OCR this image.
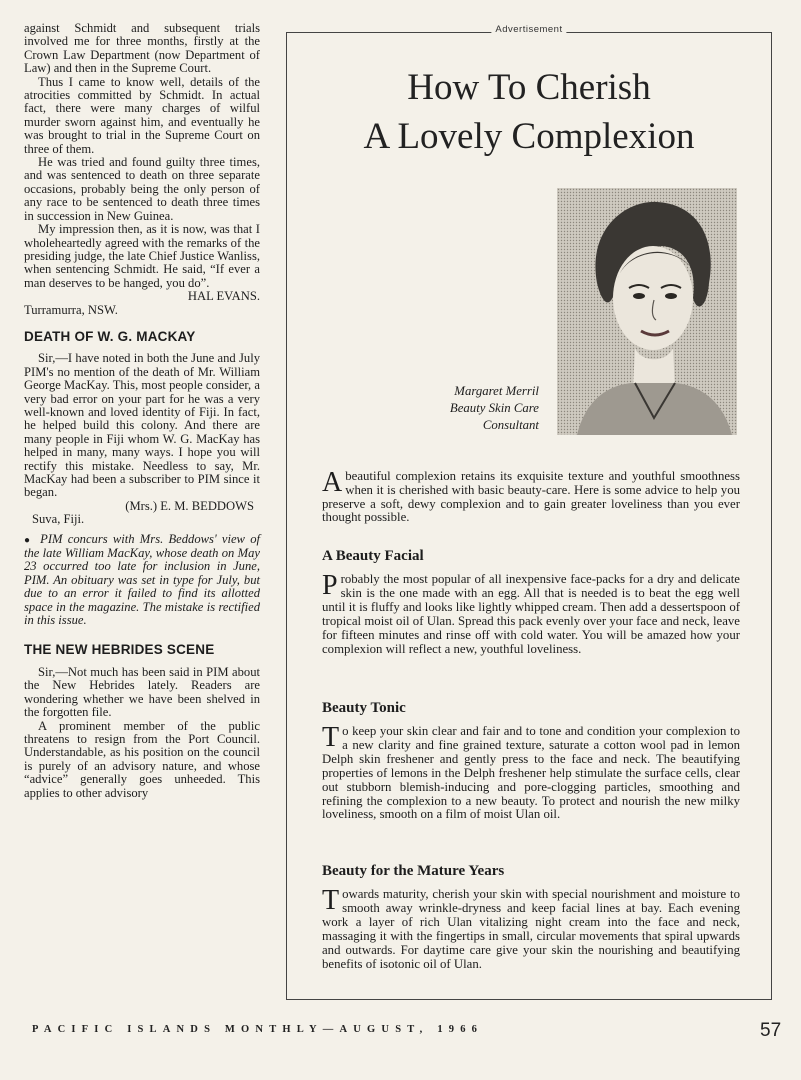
against Schmidt and subsequent trials involved me for three months, firstly at the Crown Law Department (now Department of Law) and then in the Supreme Court.

Thus I came to know well, details of the atrocities committed by Schmidt. In actual fact, there were many charges of wilful murder sworn against him, and eventually he was brought to trial in the Supreme Court on three of them.

He was tried and found guilty three times, and was sentenced to death on three separate occasions, probably being the only person of any race to be sentenced to death three times in succession in New Guinea.

My impression then, as it is now, was that I wholeheartedly agreed with the remarks of the presiding judge, the late Chief Justice Wanliss, when sentencing Schmidt. He said, “If ever a man deserves to be hanged, you do”.

HAL EVANS.

Turramurra, NSW.

DEATH OF W. G. MACKAY

Sir,—I have noted in both the June and July PIM's no mention of the death of Mr. William George MacKay. This, most people consider, a very bad error on your part for he was a very well-known and loved identity of Fiji. In fact, he helped build this colony. And there are many people in Fiji whom W. G. MacKay has helped in many, many ways. I hope you will rectify this mistake. Needless to say, Mr. MacKay had been a subscriber to PIM since it began.

(Mrs.) E. M. BEDDOWS

Suva, Fiji.

● PIM concurs with Mrs. Beddows' view of the late William MacKay, whose death on May 23 occurred too late for inclusion in June, PIM. An obituary was set in type for July, but due to an error it failed to find its allotted space in the magazine. The mistake is rectified in this issue.

THE NEW HEBRIDES SCENE

Sir,—Not much has been said in PIM about the New Hebrides lately. Readers are wondering whether we have been shelved in the forgotten file.

A prominent member of the public threatens to resign from the Port Council. Understandable, as his position on the council is purely of an advisory nature, and whose “advice” generally goes unheeded. This applies to other advisory

Advertisement
How To Cherish
A Lovely Complexion
Margaret Merril
Beauty Skin Care
Consultant
Abeautiful complexion retains its exquisite texture and youthful smoothness when it is cherished with basic beauty-care. Here is some advice to help you preserve a soft, dewy complexion and to gain greater loveliness than you ever thought possible.

A Beauty Facial

Probably the most popular of all inexpensive face-packs for a dry and delicate skin is the one made with an egg. All that is needed is to beat the egg well until it is fluffy and looks like lightly whipped cream. Then add a dessertspoon of tropical moist oil of Ulan. Spread this pack evenly over your face and neck, leave for fifteen minutes and rinse off with cold water. You will be amazed how your complexion will reflect a new, youthful loveliness.

Beauty Tonic

To keep your skin clear and fair and to tone and condition your complexion to a new clarity and fine grained texture, saturate a cotton wool pad in lemon Delph skin freshener and gently press to the face and neck. The beautifying properties of lemons in the Delph freshener help stimulate the surface cells, clear out stubborn blemish-inducing and pore-clogging particles, smoothing and refining the complexion to a new beauty. To protect and nourish the new milky loveliness, smooth on a film of moist Ulan oil.

Beauty for the Mature Years

Towards maturity, cherish your skin with special nourishment and moisture to smooth away wrinkle-dryness and keep facial lines at bay. Each evening work a layer of rich Ulan vitalizing night cream into the face and neck, massaging it with the fingertips in small, circular movements that spiral upwards and outwards. For daytime care give your skin the nourishing and beautifying benefits of isotonic oil of Ulan.

PACIFIC ISLANDS MONTHLY—AUGUST, 1966	57
